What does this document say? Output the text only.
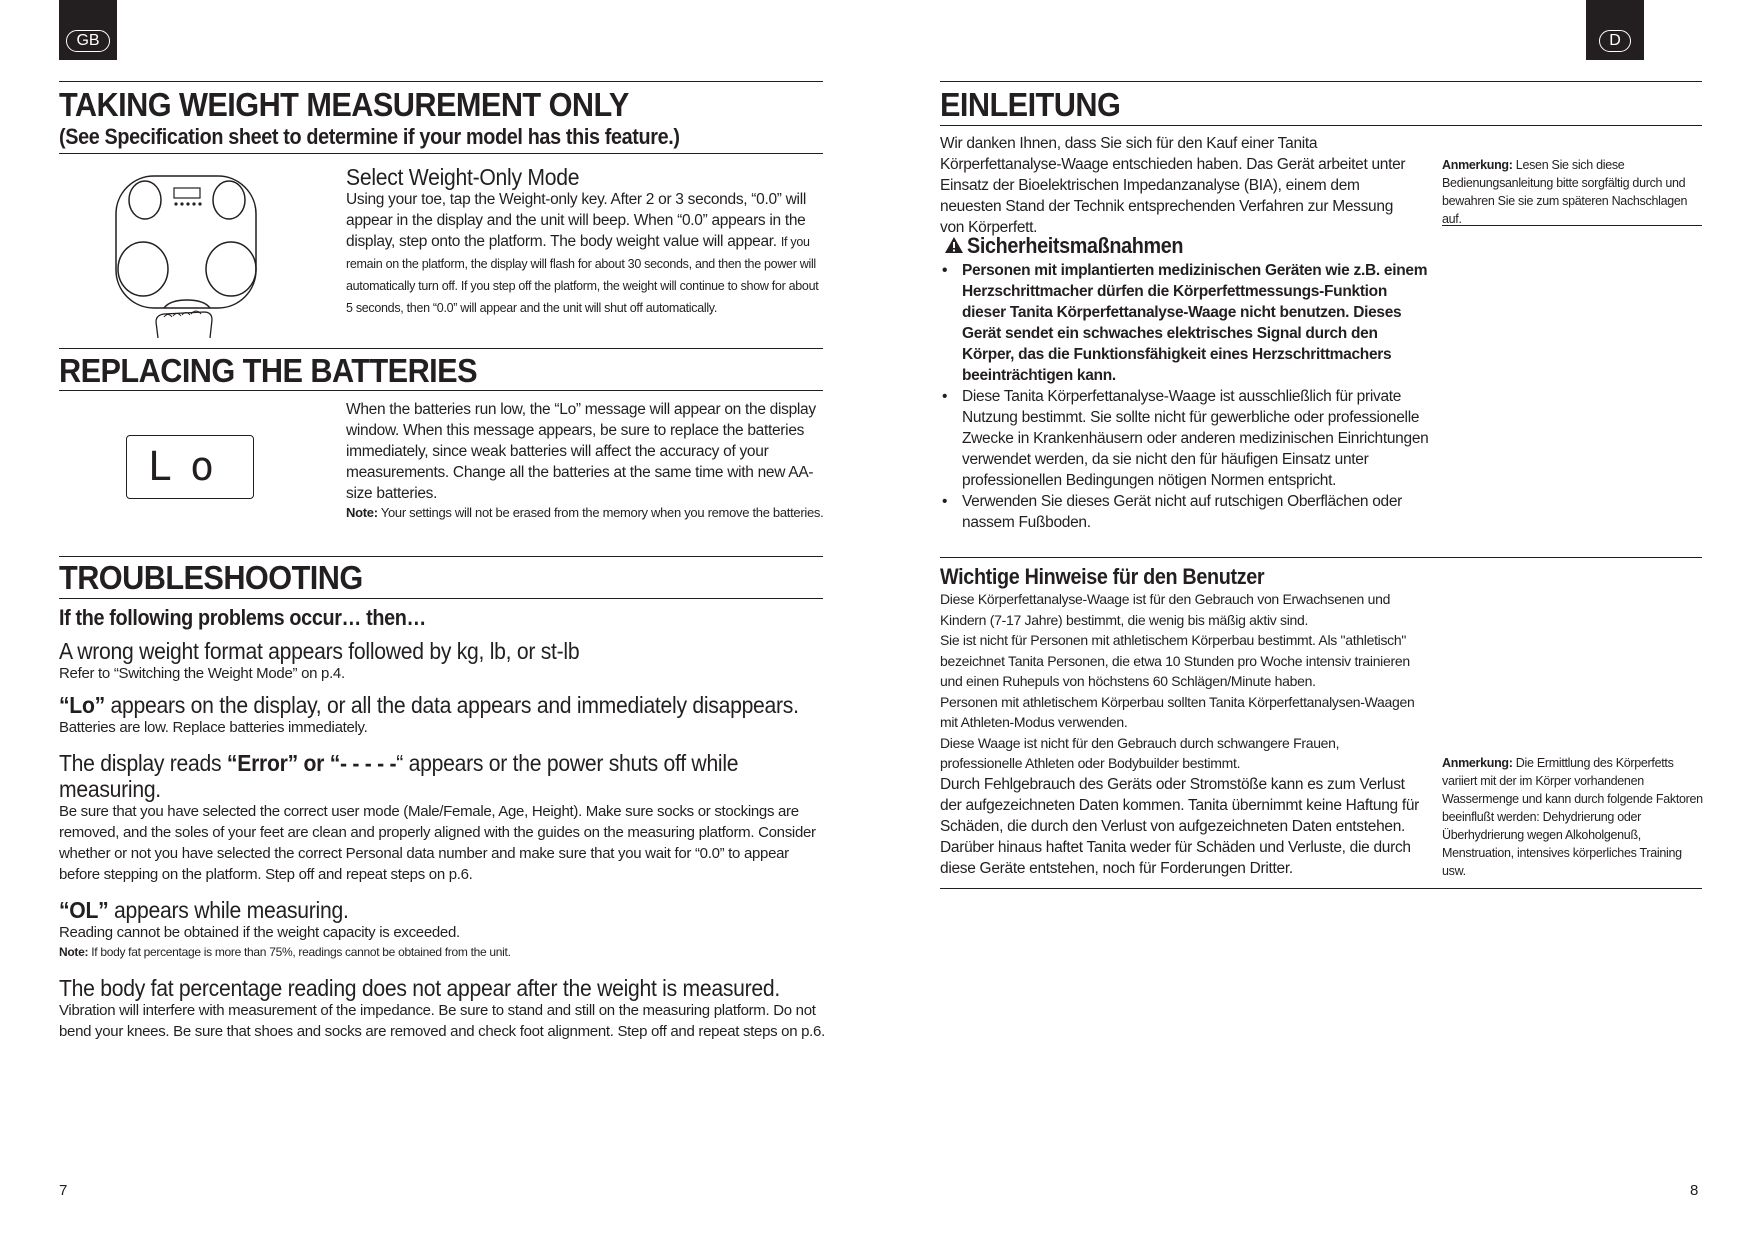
GB
TAKING WEIGHT MEASUREMENT ONLY
(See Specification sheet to determine if your model has this feature.)
Select Weight-Only Mode
Using your toe, tap the Weight-only key. After 2 or 3 seconds, “0.0” will appear in the display and the unit will beep. When “0.0” appears in the display, step onto the platform. The body weight value will appear. If you remain on the platform, the display will flash for about 30 seconds, and then the power will automatically turn off. If you step off the platform, the weight will continue to show for about 5 seconds, then “0.0” will appear and the unit will shut off automatically.
REPLACING THE BATTERIES
Lo
When the batteries run low, the “Lo” message will appear on the display window. When this message appears, be sure to replace the batteries immediately, since weak batteries will affect the accuracy of your measurements. Change all the batteries at the same time with new AA-size batteries.
Note: Your settings will not be erased from the memory when you remove the batteries.
TROUBLESHOOTING
If the following problems occur… then…
A wrong weight format appears followed by kg, lb, or st-lb
Refer to “Switching the Weight Mode” on p.4.
“Lo” appears on the display, or all the data appears and immediately disappears.
Batteries are low. Replace batteries immediately.
The display reads “Error” or “- - - - -“ appears or the power shuts off while
measuring.
Be sure that you have selected the correct user mode (Male/Female, Age, Height). Make sure socks or stockings are removed, and the soles of your feet are clean and properly aligned with the guides on the measuring platform. Consider whether or not you have selected the correct Personal data number and make sure that you wait for “0.0” to appear before stepping on the platform. Step off and repeat steps on p.6.
“OL” appears while measuring.
Reading cannot be obtained if the weight capacity is exceeded.
Note: If body fat percentage is more than 75%, readings cannot be obtained from the unit.
The body fat percentage reading does not appear after the weight is measured.
Vibration will interfere with measurement of the impedance. Be sure to stand and still on the measuring platform. Do not bend your knees. Be sure that shoes and socks are removed and check foot alignment. Step off and repeat steps on p.6.
7
D
EINLEITUNG
Wir danken Ihnen, dass Sie sich für den Kauf einer Tanita Körperfettanalyse-Waage entschieden haben. Das Gerät arbeitet unter Einsatz der Bioelektrischen Impedanzanalyse (BIA), einem dem neuesten Stand der Technik entsprechenden Verfahren zur Messung von Körperfett.
Anmerkung: Lesen Sie sich diese Bedienungsanleitung bitte sorgfältig durch und bewahren Sie sie zum späteren Nachschlagen auf.
Sicherheitsmaßnahmen
• Personen mit implantierten medizinischen Geräten wie z.B. einem Herzschrittmacher dürfen die Körperfettmessungs-Funktion dieser Tanita Körperfettanalyse-Waage nicht benutzen. Dieses Gerät sendet ein schwaches elektrisches Signal durch den Körper, das die Funktionsfähigkeit eines Herzschrittmachers beeinträchtigen kann.
• Diese Tanita Körperfettanalyse-Waage ist ausschließlich für private Nutzung bestimmt. Sie sollte nicht für gewerbliche oder professionelle Zwecke in Krankenhäusern oder anderen medizinischen Einrichtungen verwendet werden, da sie nicht den für häufigen Einsatz unter professionellen Bedingungen nötigen Normen entspricht.
• Verwenden Sie dieses Gerät nicht auf rutschigen Oberflächen oder nassem Fußboden.
Wichtige Hinweise für den Benutzer
Diese Körperfettanalyse-Waage ist für den Gebrauch von Erwachsenen und Kindern (7-17 Jahre) bestimmt, die wenig bis mäßig aktiv sind.
Sie ist nicht für Personen mit athletischem Körperbau bestimmt. Als "athletisch" bezeichnet Tanita Personen, die etwa 10 Stunden pro Woche intensiv trainieren und einen Ruhepuls von höchstens 60 Schlägen/Minute haben.
Personen mit athletischem Körperbau sollten Tanita Körperfettanalysen-Waagen mit Athleten-Modus verwenden.
Diese Waage ist nicht für den Gebrauch durch schwangere Frauen, professionelle Athleten oder Bodybuilder bestimmt.
Durch Fehlgebrauch des Geräts oder Stromstöße kann es zum Verlust der aufgezeichneten Daten kommen. Tanita übernimmt keine Haftung für Schäden, die durch den Verlust von aufgezeichneten Daten entstehen. Darüber hinaus haftet Tanita weder für Schäden und Verluste, die durch diese Geräte entstehen, noch für Forderungen Dritter.
Anmerkung: Die Ermittlung des Körperfetts variiert mit der im Körper vorhandenen Wassermenge und kann durch folgende Faktoren beeinflußt werden: Dehydrierung oder Überhydrierung wegen Alkoholgenuß, Menstruation, intensives körperliches Training usw.
8
